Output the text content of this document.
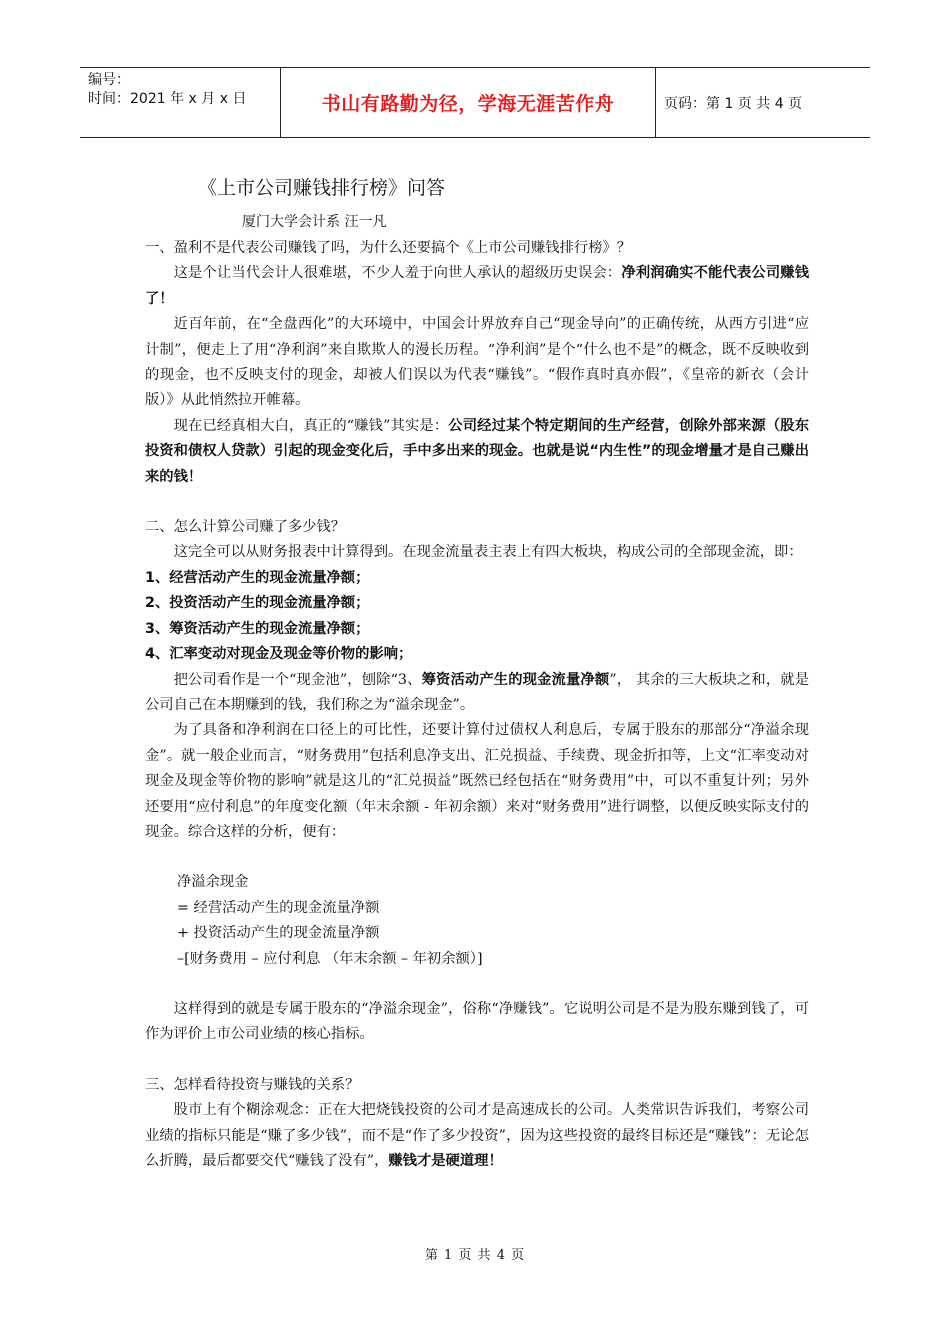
编号：
时间：2021 年 x 月 x 日	书山有路勤为径，学海无涯苦作舟	页码：第 1 页 共 4 页
《上市公司赚钱排行榜》问答
厦门大学会计系 汪一凡

一、盈利不是代表公司赚钱了吗，为什么还要搞个《上市公司赚钱排行榜》？

这是个让当代会计人很难堪，不少人羞于向世人承认的超级历史误会：净利润确实不能代表公司赚钱了！

近百年前，在“全盘西化”的大环境中，中国会计界放弃自己“现金导向”的正确传统，从西方引进“应计制”，便走上了用“净利润”来自欺欺人的漫长历程。“净利润”是个“什么也不是”的概念，既不反映收到的现金，也不反映支付的现金，却被人们误以为代表“赚钱”。“假作真时真亦假”，《皇帝的新衣（会计版）》从此悄然拉开帷幕。

现在已经真相大白，真正的“赚钱”其实是：公司经过某个特定期间的生产经营，创除外部来源（股东投资和债权人贷款）引起的现金变化后，手中多出来的现金。也就是说“内生性”的现金增量才是自己赚出来的钱！

二、怎么计算公司赚了多少钱？

这完全可以从财务报表中计算得到。在现金流量表主表上有四大板块，构成公司的全部现金流，即：

1、经营活动产生的现金流量净额；

2、投资活动产生的现金流量净额；

3、筹资活动产生的现金流量净额；

4、汇率变动对现金及现金等价物的影响；

把公司看作是一个“现金池”，刨除“3、筹资活动产生的现金流量净额”， 其余的三大板块之和，就是公司自己在本期赚到的钱，我们称之为“溢余现金”。

为了具备和净利润在口径上的可比性，还要计算付过债权人利息后，专属于股东的那部分“净溢余现金”。就一般企业而言，“财务费用”包括利息净支出、汇兑损益、手续费、现金折扣等，上文“汇率变动对现金及现金等价物的影响”就是这儿的“汇兑损益”既然已经包括在“财务费用”中，可以不重复计列；另外还要用“应付利息”的年度变化额（年末余额 - 年初余额）来对“财务费用”进行调整，以便反映实际支付的现金。综合这样的分析，便有：

净溢余现金

= 经营活动产生的现金流量净额

+ 投资活动产生的现金流量净额

–[财务费用 – 应付利息 （年末余额 – 年初余额）]

这样得到的就是专属于股东的“净溢余现金”，俗称“净赚钱”。它说明公司是不是为股东赚到钱了，可作为评价上市公司业绩的核心指标。

三、怎样看待投资与赚钱的关系？

股市上有个糊涂观念：正在大把烧钱投资的公司才是高速成长的公司。人类常识告诉我们，考察公司业绩的指标只能是“赚了多少钱”，而不是“作了多少投资”，因为这些投资的最终目标还是“赚钱”：无论怎么折腾，最后都要交代“赚钱了没有”，赚钱才是硬道理！

第 1 页 共 4 页
